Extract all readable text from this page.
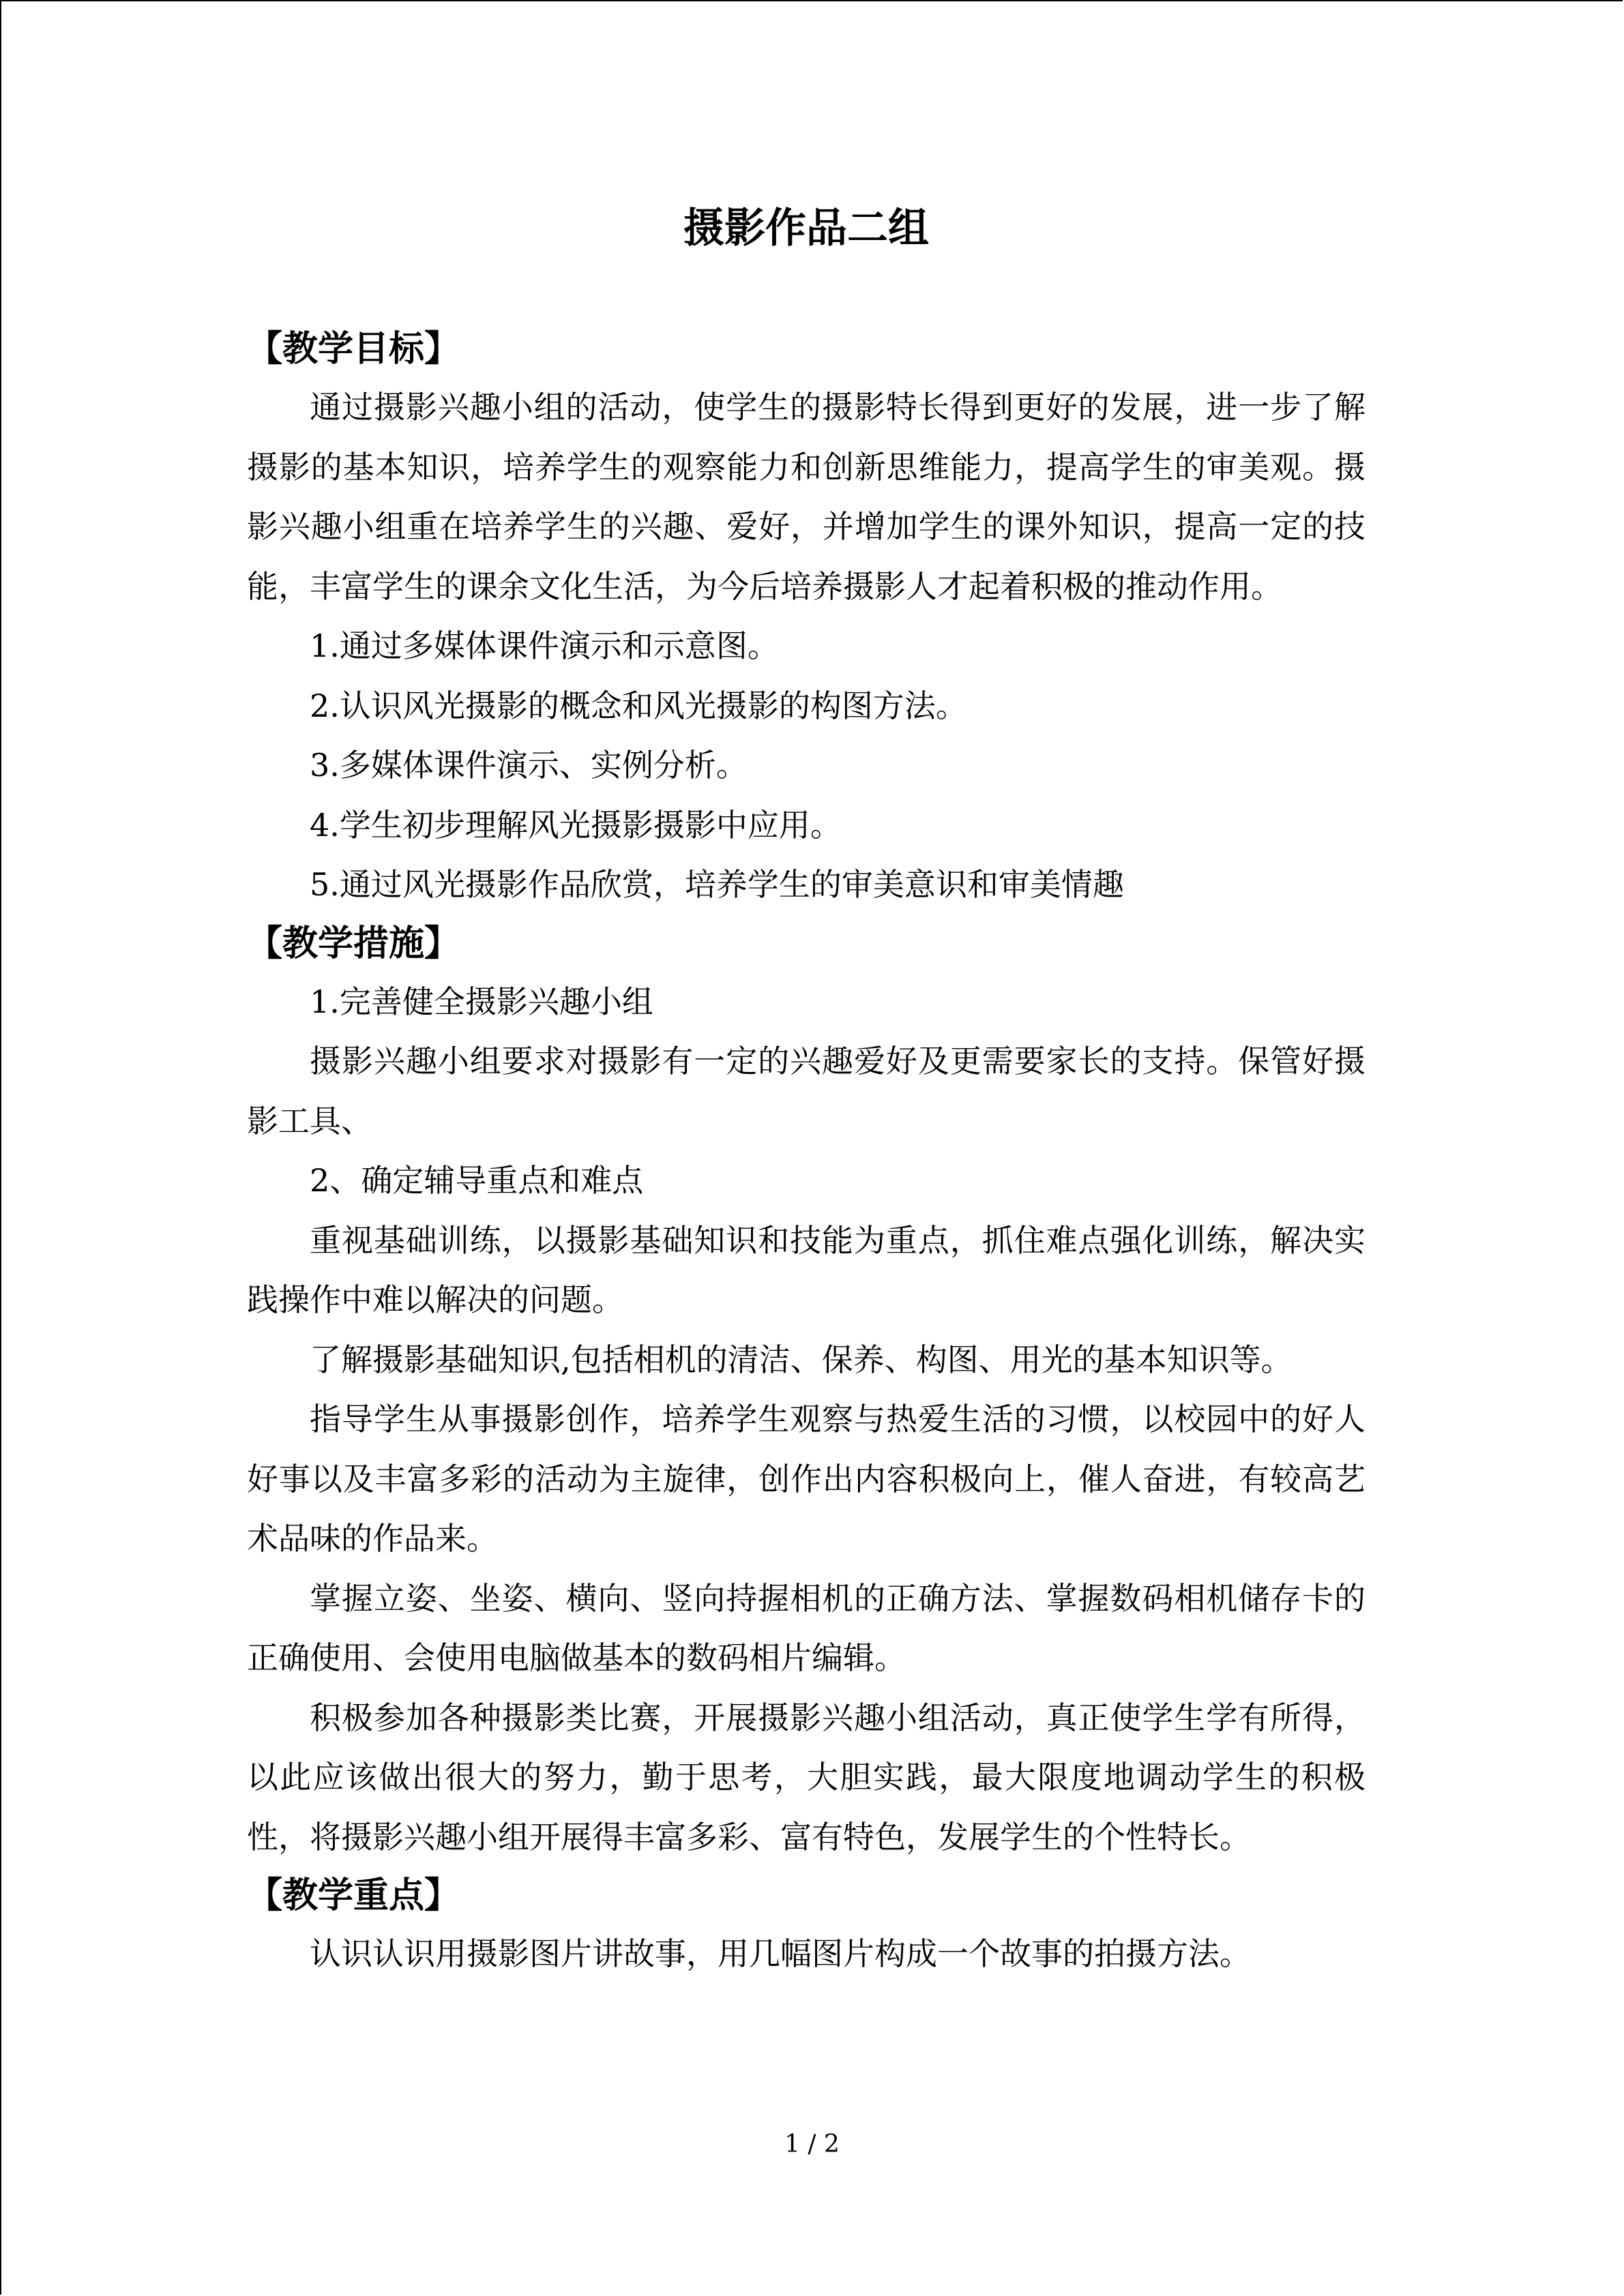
摄影作品二组

【教学目标】

通过摄影兴趣小组的活动，使学生的摄影特长得到更好的发展，进一步了解摄影的基本知识，培养学生的观察能力和创新思维能力，提高学生的审美观。摄影兴趣小组重在培养学生的兴趣、爱好，并增加学生的课外知识，提高一定的技能，丰富学生的课余文化生活，为今后培养摄影人才起着积极的推动作用。

1.通过多媒体课件演示和示意图。

2.认识风光摄影的概念和风光摄影的构图方法。

3.多媒体课件演示、实例分析。

4.学生初步理解风光摄影摄影中应用。

5.通过风光摄影作品欣赏，培养学生的审美意识和审美情趣

【教学措施】

1.完善健全摄影兴趣小组

摄影兴趣小组要求对摄影有一定的兴趣爱好及更需要家长的支持。保管好摄影工具、

2、确定辅导重点和难点

重视基础训练，以摄影基础知识和技能为重点，抓住难点强化训练，解决实践操作中难以解决的问题。

了解摄影基础知识,包括相机的清洁、保养、构图、用光的基本知识等。

指导学生从事摄影创作，培养学生观察与热爱生活的习惯，以校园中的好人好事以及丰富多彩的活动为主旋律，创作出内容积极向上，催人奋进，有较高艺术品味的作品来。

掌握立姿、坐姿、横向、竖向持握相机的正确方法、掌握数码相机储存卡的正确使用、会使用电脑做基本的数码相片编辑。

积极参加各种摄影类比赛，开展摄影兴趣小组活动，真正使学生学有所得，以此应该做出很大的努力，勤于思考，大胆实践，最大限度地调动学生的积极性，将摄影兴趣小组开展得丰富多彩、富有特色，发展学生的个性特长。

【教学重点】

认识认识用摄影图片讲故事，用几幅图片构成一个故事的拍摄方法。

1 / 2
